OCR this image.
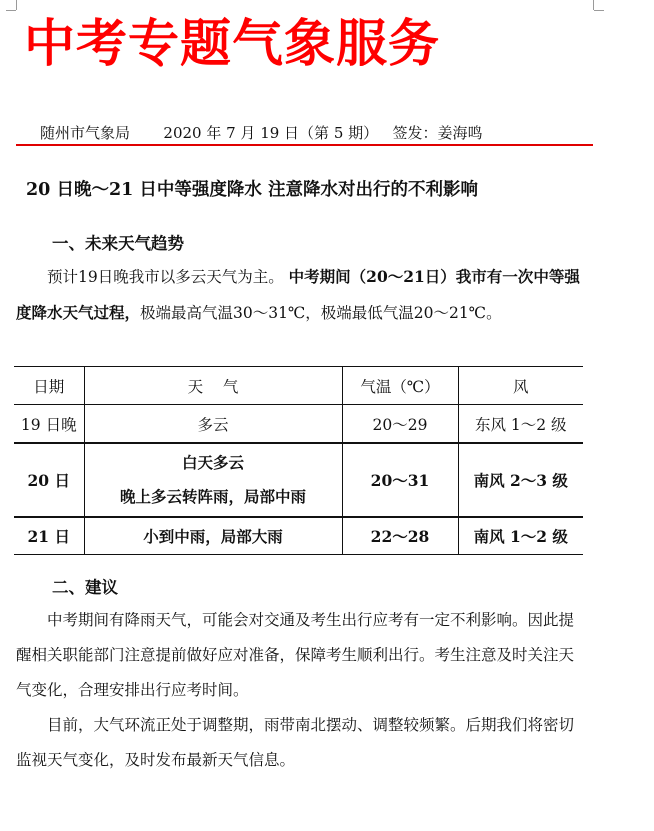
中考专题气象服务
随州市气象局 2020 年 7 月 19 日（第 5 期） 签发：姜海鸣
20 日晚～21 日中等强度降水 注意降水对出行的不利影响
一、未来天气趋势

预计19日晚我市以多云天气为主。 中考期间（20～21日）我市有一次中等强度降水天气过程，极端最高气温30～31℃，极端最低气温20～21℃。

日期	天    气	气温（℃）	风
19 日晚	多云	20～29	东风 1～2 级
20 日	白天多云
晚上多云转阵雨，局部中雨	20～31	南风 2～3 级
21 日	小到中雨，局部大雨	22～28	南风 1～2 级
二、建议

中考期间有降雨天气，可能会对交通及考生出行应考有一定不利影响。因此提醒相关职能部门注意提前做好应对准备，保障考生顺利出行。考生注意及时关注天气变化，合理安排出行应考时间。

目前，大气环流正处于调整期，雨带南北摆动、调整较频繁。后期我们将密切监视天气变化，及时发布最新天气信息。
